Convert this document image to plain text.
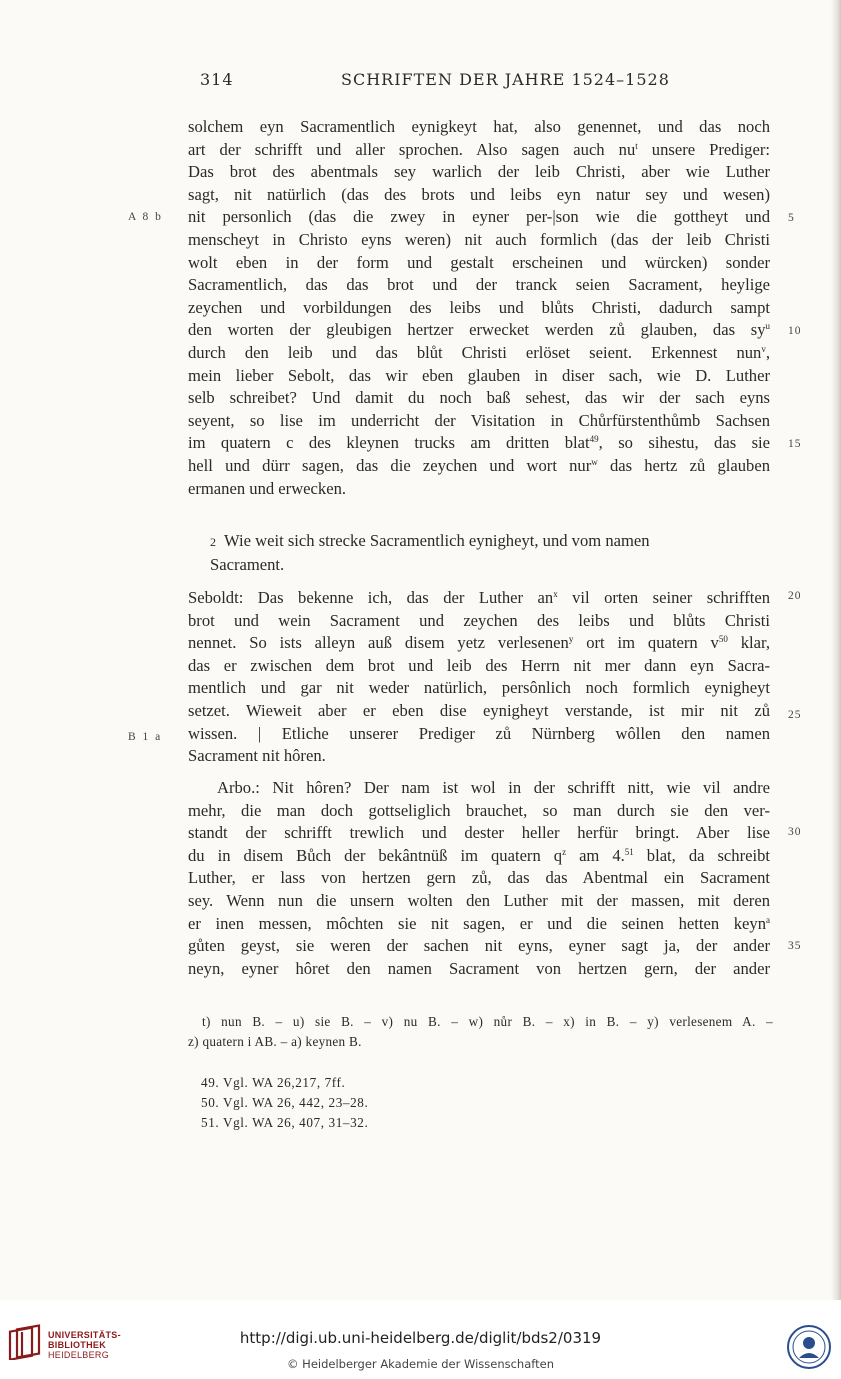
314	SCHRIFTEN DER JAHRE 1524–1528
A 8 b
B 1 a
5
10
15
20
25
30
35
solchem eyn Sacramentlich eynigkeyt hat, also genennet, und das noch
art der schrifft und aller sprochen. Also sagen auch $nu^t$ unsere Prediger:
Das brot des abentmals sey warlich der leib Christi, aber wie Luther
sagt, nit natürlich (das des brots und leibs eyn natur sey und wesen)
nit personlich (das die zwey in eyner per-|son wie die gottheyt und
menscheyt in Christo eyns weren) nit auch formlich (das der leib Christi
wolt eben in der form und gestalt erscheinen und würcken) sonder
Sacramentlich, das das brot und der tranck seien Sacrament, heylige
zeychen und vorbildungen des leibs und blůts Christi, dadurch sampt
den worten der gleubigen hertzer erwecket werden zů glauben, das $sy^u$
durch den leib und das blůt Christi erlöset seient. Erkennest nun$^v$,
mein lieber Sebolt, das wir eben glauben in diser sach, wie D. Luther
selb schreibet? Und damit du noch baß sehest, das wir der sach eyns
seyent, so lise im underricht der Visitation in Chůrfürstenthůmb Sachsen
im quatern c des kleynen trucks am dritten blat$^{49}$, so sihestu, das sie
hell und dürr sagen, das die zeychen und wort nur$^w$ das hertz zů glauben
ermanen und erwecken.
2 Wie weit sich strecke Sacramentlich eynigheyt, und vom namen
Sacrament.
Seboldt: Das bekenne ich, das der Luther $an^x$ vil orten seiner schrifften
brot und wein Sacrament und zeychen des leibs und blůts Christi
nennet. So ists alleyn auß disem yetz verlesenen$^y$ ort im quatern $v^{50}$ klar,
das er zwischen dem brot und leib des Herrn nit mer dann eyn Sacra-
mentlich und gar nit weder natürlich, persônlich noch formlich eynigheyt
setzet. Wieweit aber er eben dise eynigheyt verstande, ist mir nit zů
wissen. | Etliche unserer Prediger zů Nürnberg wôllen den namen
Sacrament nit hôren.
Arbo.: Nit hôren? Der nam ist wol in der schrifft nitt, wie vil andre
mehr, die man doch gottseliglich brauchet, so man durch sie den ver-
standt der schrifft trewlich und dester heller herfür bringt. Aber lise
du in disem Bůch der bekântnüß im quatern $q^z$ am 4.51 blat, da schreibt
Luther, er lass von hertzen gern zů, das das Abentmal ein Sacrament
sey. Wenn nun die unsern wolten den Luther mit der massen, mit deren
er inen messen, môchten sie nit sagen, er und die seinen hetten keyn$^a$
gůten geyst, sie weren der sachen nit eyns, eyner sagt ja, der ander
neyn, eyner hôret den namen Sacrament von hertzen gern, der ander
t) nun B. – u) sie B. – v) nu B. – w) nůr B. – x) in B. – y) verlesenem A. –
z) quatern i AB. – a) keynen B.
49. Vgl. WA 26,217, 7ff.
50. Vgl. WA 26, 442, 23–28.
51. Vgl. WA 26, 407, 31–32.
UNIVERSITÄTS-
BIBLIOTHEK
HEIDELBERG
http://digi.ub.uni-heidelberg.de/diglit/bds2/0319
© Heidelberger Akademie der Wissenschaften
